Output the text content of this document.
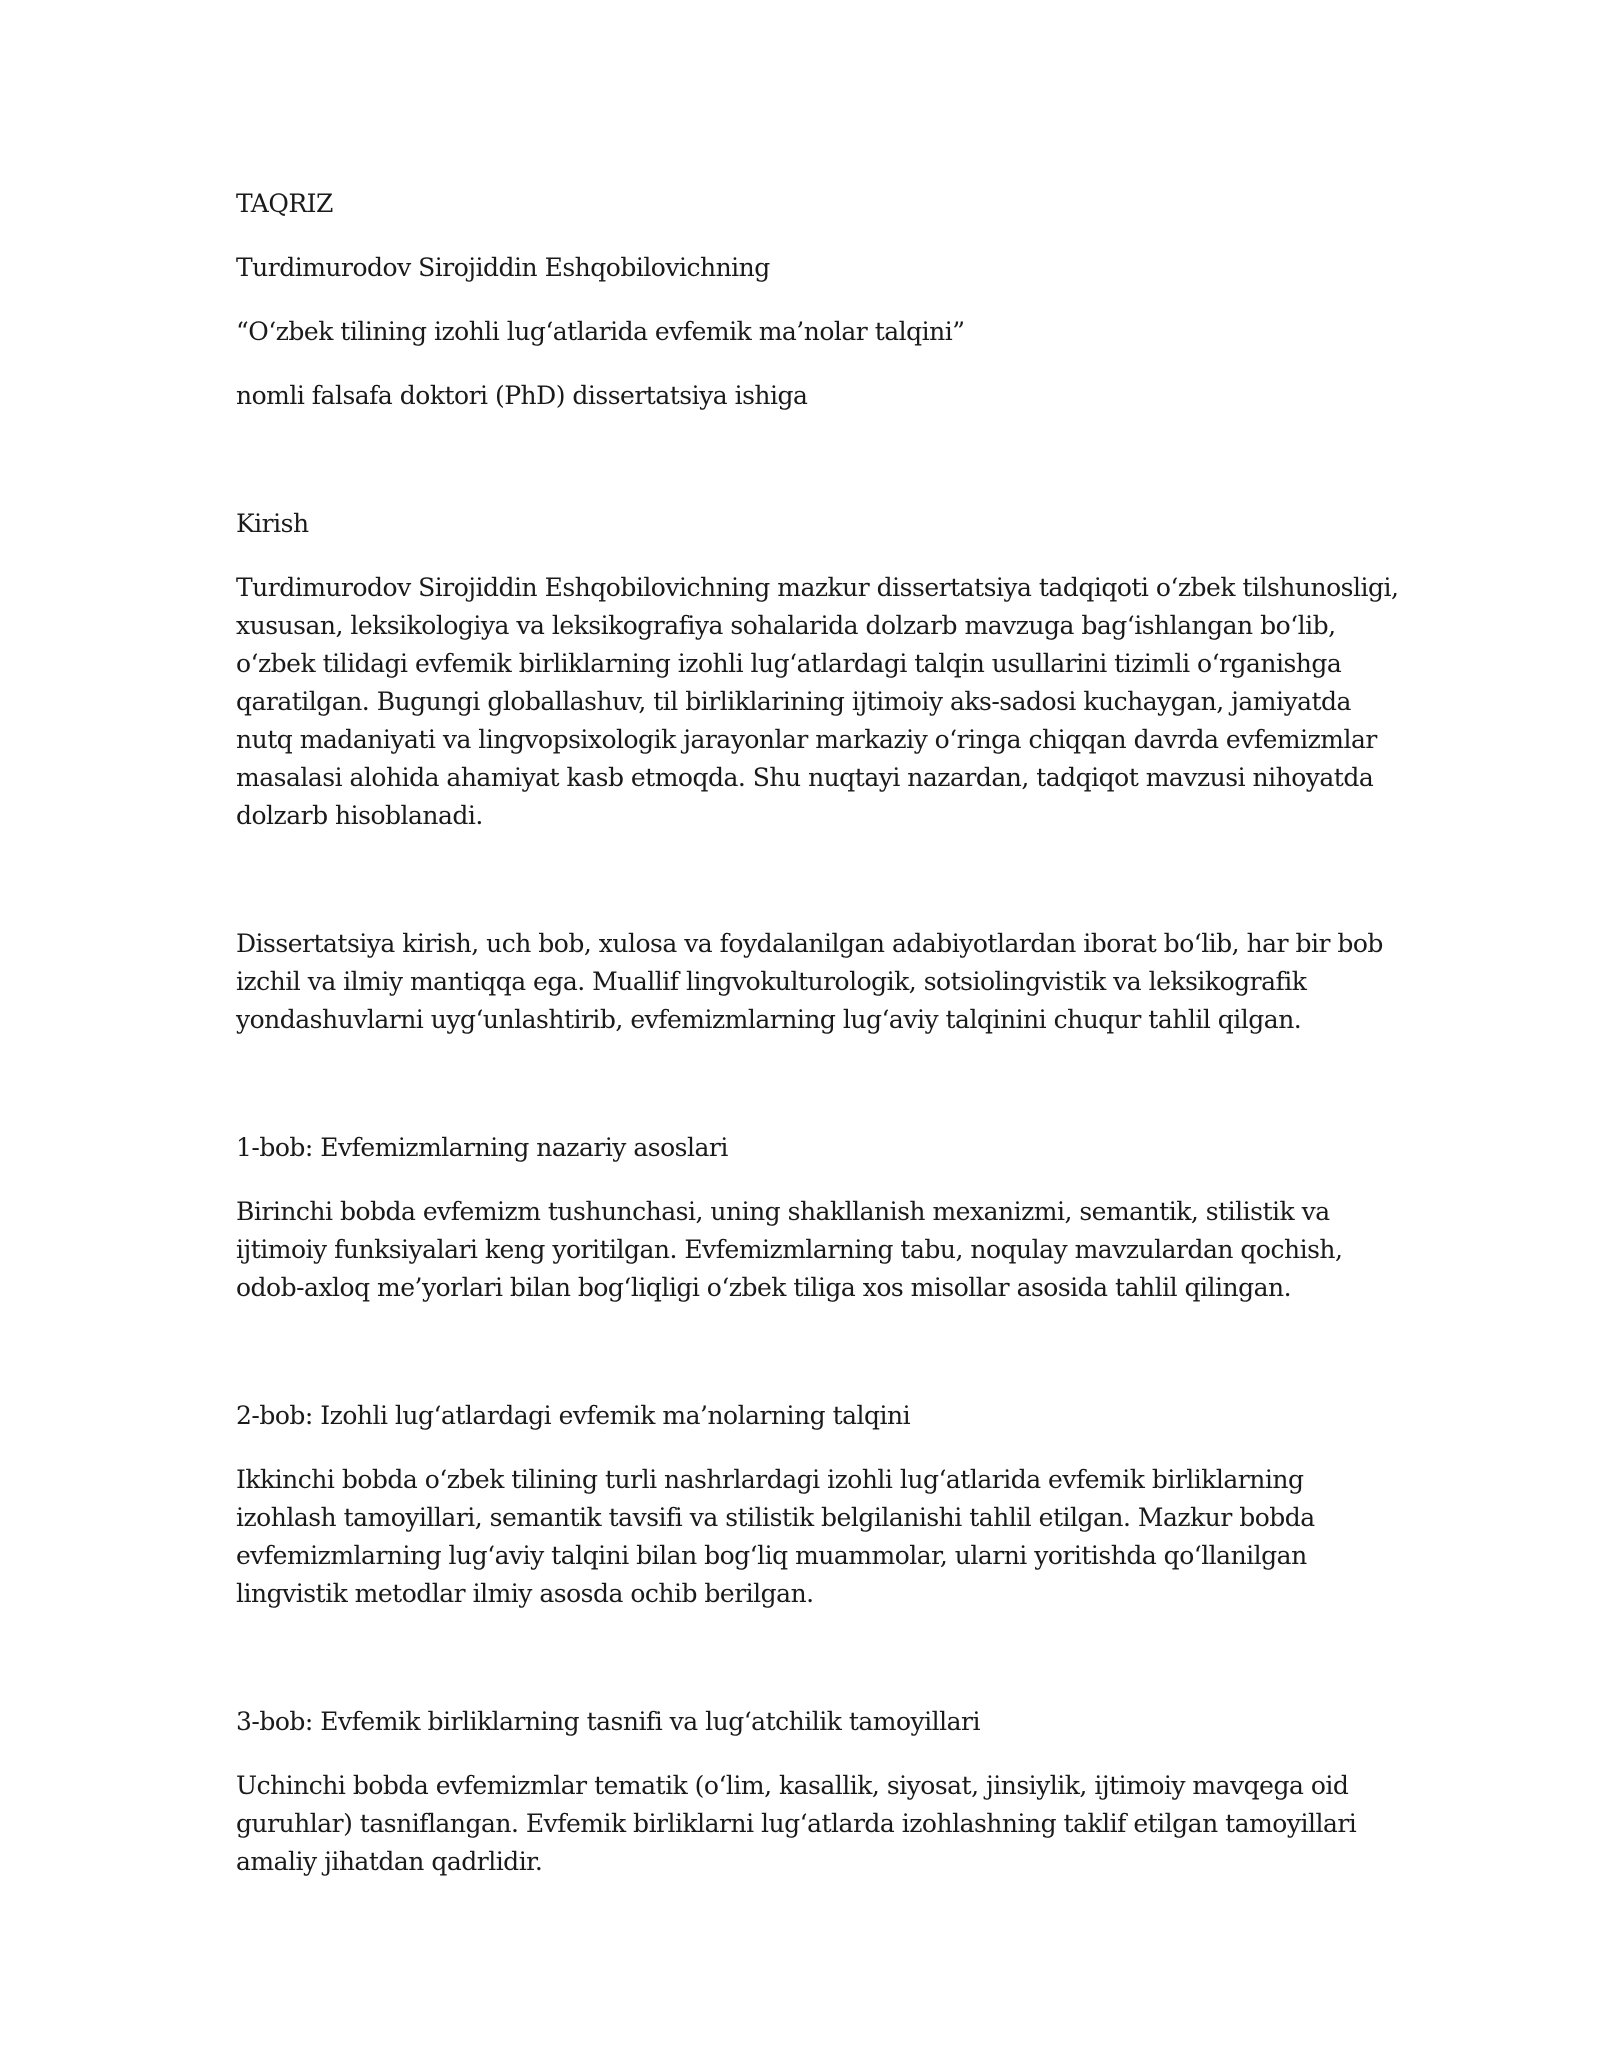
TAQRIZ

Turdimurodov Sirojiddin Eshqobilovichning

“O‘zbek tilining izohli lug‘atlarida evfemik ma’nolar talqini”

nomli falsafa doktori (PhD) dissertatsiya ishiga

Kirish

Turdimurodov Sirojiddin Eshqobilovichning mazkur dissertatsiya tadqiqoti o‘zbek tilshunosligi,
xususan, leksikologiya va leksikografiya sohalarida dolzarb mavzuga bag‘ishlangan bo‘lib,
o‘zbek tilidagi evfemik birliklarning izohli lug‘atlardagi talqin usullarini tizimli o‘rganishga
qaratilgan. Bugungi globallashuv, til birliklarining ijtimoiy aks-sadosi kuchaygan, jamiyatda
nutq madaniyati va lingvopsixologik jarayonlar markaziy o‘ringa chiqqan davrda evfemizmlar
masalasi alohida ahamiyat kasb etmoqda. Shu nuqtayi nazardan, tadqiqot mavzusi nihoyatda
dolzarb hisoblanadi.
Dissertatsiya kirish, uch bob, xulosa va foydalanilgan adabiyotlardan iborat bo‘lib, har bir bob
izchil va ilmiy mantiqqa ega. Muallif lingvokulturologik, sotsiolingvistik va leksikografik
yondashuvlarni uyg‘unlashtirib, evfemizmlarning lug‘aviy talqinini chuqur tahlil qilgan.

1-bob: Evfemizmlarning nazariy asoslari

Birinchi bobda evfemizm tushunchasi, uning shakllanish mexanizmi, semantik, stilistik va
ijtimoiy funksiyalari keng yoritilgan. Evfemizmlarning tabu, noqulay mavzulardan qochish,
odob-axloq me’yorlari bilan bog‘liqligi o‘zbek tiliga xos misollar asosida tahlil qilingan.

2-bob: Izohli lug‘atlardagi evfemik ma’nolarning talqini

Ikkinchi bobda o‘zbek tilining turli nashrlardagi izohli lug‘atlarida evfemik birliklarning
izohlash tamoyillari, semantik tavsifi va stilistik belgilanishi tahlil etilgan. Mazkur bobda
evfemizmlarning lug‘aviy talqini bilan bog‘liq muammolar, ularni yoritishda qo‘llanilgan
lingvistik metodlar ilmiy asosda ochib berilgan.

3-bob: Evfemik birliklarning tasnifi va lug‘atchilik tamoyillari

Uchinchi bobda evfemizmlar tematik (o‘lim, kasallik, siyosat, jinsiylik, ijtimoiy mavqega oid
guruhlar) tasniflangan. Evfemik birliklarni lug‘atlarda izohlashning taklif etilgan tamoyillari
amaliy jihatdan qadrlidir.
